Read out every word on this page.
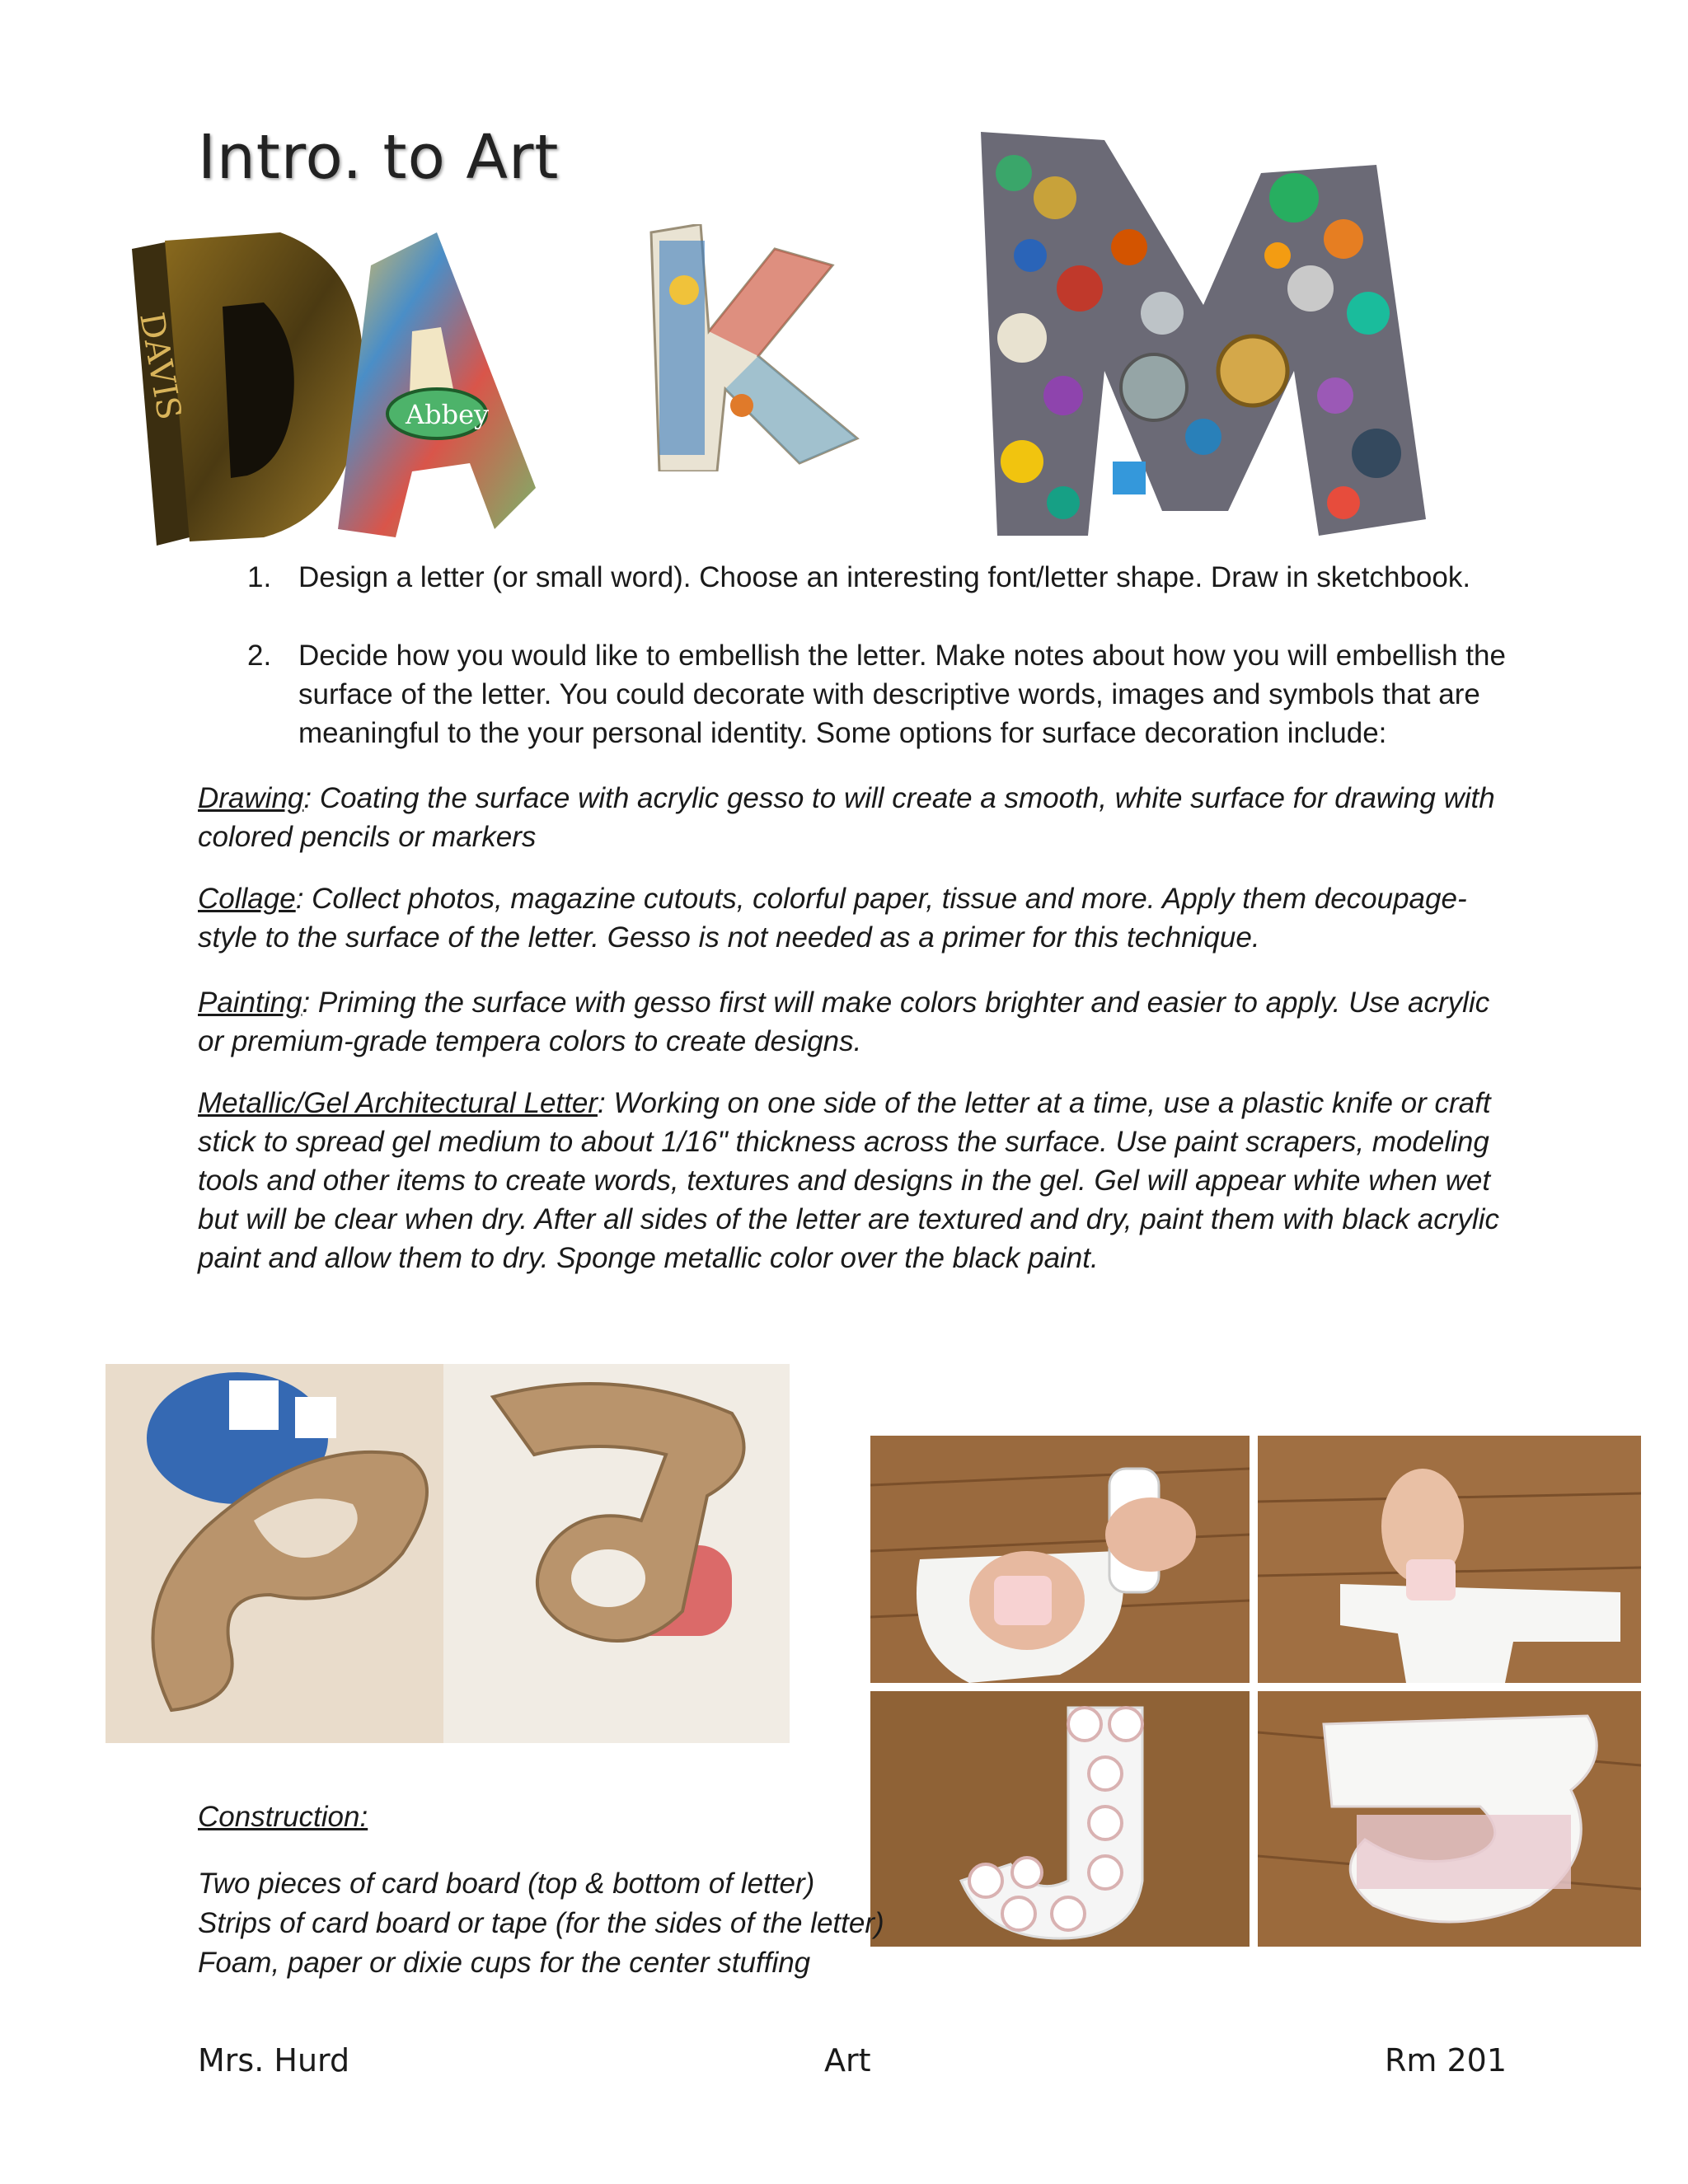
Intro. to Art
DAVIS	Abbey
1. Design a letter (or small word). Choose an interesting font/letter shape. Draw in sketchbook.
2. Decide how you would like to embellish the letter. Make notes about how you will embellish the surface of the letter. You could decorate with descriptive words, images and symbols that are meaningful to the your personal identity. Some options for surface decoration include:
Drawing: Coating the surface with acrylic gesso to will create a smooth, white surface for drawing with colored pencils or markers
Collage: Collect photos, magazine cutouts, colorful paper, tissue and more. Apply them decoupage-style to the surface of the letter. Gesso is not needed as a primer for this technique.
Painting: Priming the surface with gesso first will make colors brighter and easier to apply. Use acrylic or premium-grade tempera colors to create designs.
Metallic/Gel Architectural Letter: Working on one side of the letter at a time, use a plastic knife or craft stick to spread gel medium to about 1/16" thickness across the surface. Use paint scrapers, modeling tools and other items to create words, textures and designs in the gel. Gel will appear white when wet but will be clear when dry. After all sides of the letter are textured and dry, paint them with black acrylic paint and allow them to dry. Sponge metallic color over the black paint.
Construction:
Two pieces of card board (top & bottom of letter)
Strips of card board or tape (for the sides of the letter)
Foam, paper or dixie cups for the center stuffing
Mrs. Hurd	Art	Rm 201
